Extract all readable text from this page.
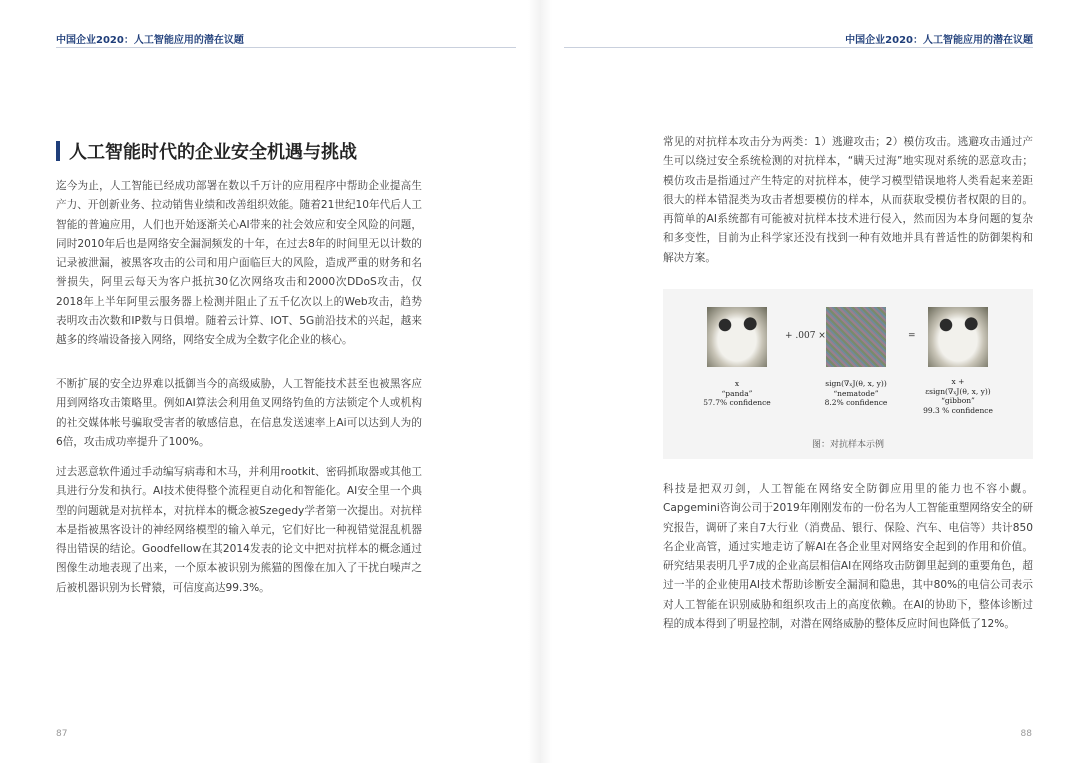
中国企业2020：人工智能应用的潜在议题	中国企业2020：人工智能应用的潜在议题
人工智能时代的企业安全机遇与挑战

迄今为止，人工智能已经成功部署在数以千万计的应用程序中帮助企业提高生产力、开创新业务、拉动销售业绩和改善组织效能。随着21世纪10年代后人工智能的普遍应用，人们也开始逐渐关心AI带来的社会效应和安全风险的问题，同时2010年后也是网络安全漏洞频发的十年，在过去8年的时间里无以计数的记录被泄漏，被黑客攻击的公司和用户面临巨大的风险，造成严重的财务和名誉损失，阿里云每天为客户抵抗30亿次网络攻击和2000次DDoS攻击，仅2018年上半年阿里云服务器上检测并阻止了五千亿次以上的Web攻击，趋势表明攻击次数和IP数与日俱增。随着云计算、IOT、5G前沿技术的兴起，越来越多的终端设备接入网络，网络安全成为全数字化企业的核心。

不断扩展的安全边界难以抵御当今的高级威胁，人工智能技术甚至也被黑客应用到网络攻击策略里。例如AI算法会利用鱼叉网络钓鱼的方法锁定个人或机构的社交媒体帐号骗取受害者的敏感信息，在信息发送速率上Ai可以达到人为的6倍，攻击成功率提升了100%。

过去恶意软件通过手动编写病毒和木马，并利用rootkit、密码抓取器或其他工具进行分发和执行。AI技术使得整个流程更自动化和智能化。AI安全里一个典型的问题就是对抗样本，对抗样本的概念被Szegedy学者第一次提出。对抗样本是指被黑客设计的神经网络模型的输入单元，它们好比一种视错觉混乱机器得出错误的结论。Goodfellow在其2014发表的论文中把对抗样本的概念通过图像生动地表现了出来，一个原本被识别为熊猫的图像在加入了干扰白噪声之后被机器识别为长臂猿，可信度高达99.3%。

常见的对抗样本攻击分为两类：1）逃避攻击；2）模仿攻击。逃避攻击通过产生可以绕过安全系统检测的对抗样本，“瞒天过海”地实现对系统的恶意攻击；模仿攻击是指通过产生特定的对抗样本，使学习模型错误地将人类看起来差距很大的样本错混类为攻击者想要模仿的样本，从而获取受模仿者权限的目的。再简单的AI系统都有可能被对抗样本技术进行侵入，然而因为本身问题的复杂和多变性，目前为止科学家还没有找到一种有效地并具有普适性的防御架构和解决方案。

+ .007 ×	=
x
“panda”
57.7% confidence
sign(∇ₓJ(θ, x, y))
“nematode”
8.2% confidence
x +
εsign(∇ₓJ(θ, x, y))
“gibbon”
99.3 % confidence
图：对抗样本示例

科技是把双刃剑，人工智能在网络安全防御应用里的能力也不容小觑。Capgemini咨询公司于2019年刚刚发布的一份名为人工智能重塑网络安全的研究报告，调研了来自7大行业（消费品、银行、保险、汽车、电信等）共计850名企业高管，通过实地走访了解AI在各企业里对网络安全起到的作用和价值。研究结果表明几乎7成的企业高层相信AI在网络攻击防御里起到的重要角色，超过一半的企业使用AI技术帮助诊断安全漏洞和隐患，其中80%的电信公司表示对人工智能在识别威胁和组织攻击上的高度依赖。在AI的协助下，整体诊断过程的成本得到了明显控制，对潜在网络威胁的整体反应时间也降低了12%。

87	88
